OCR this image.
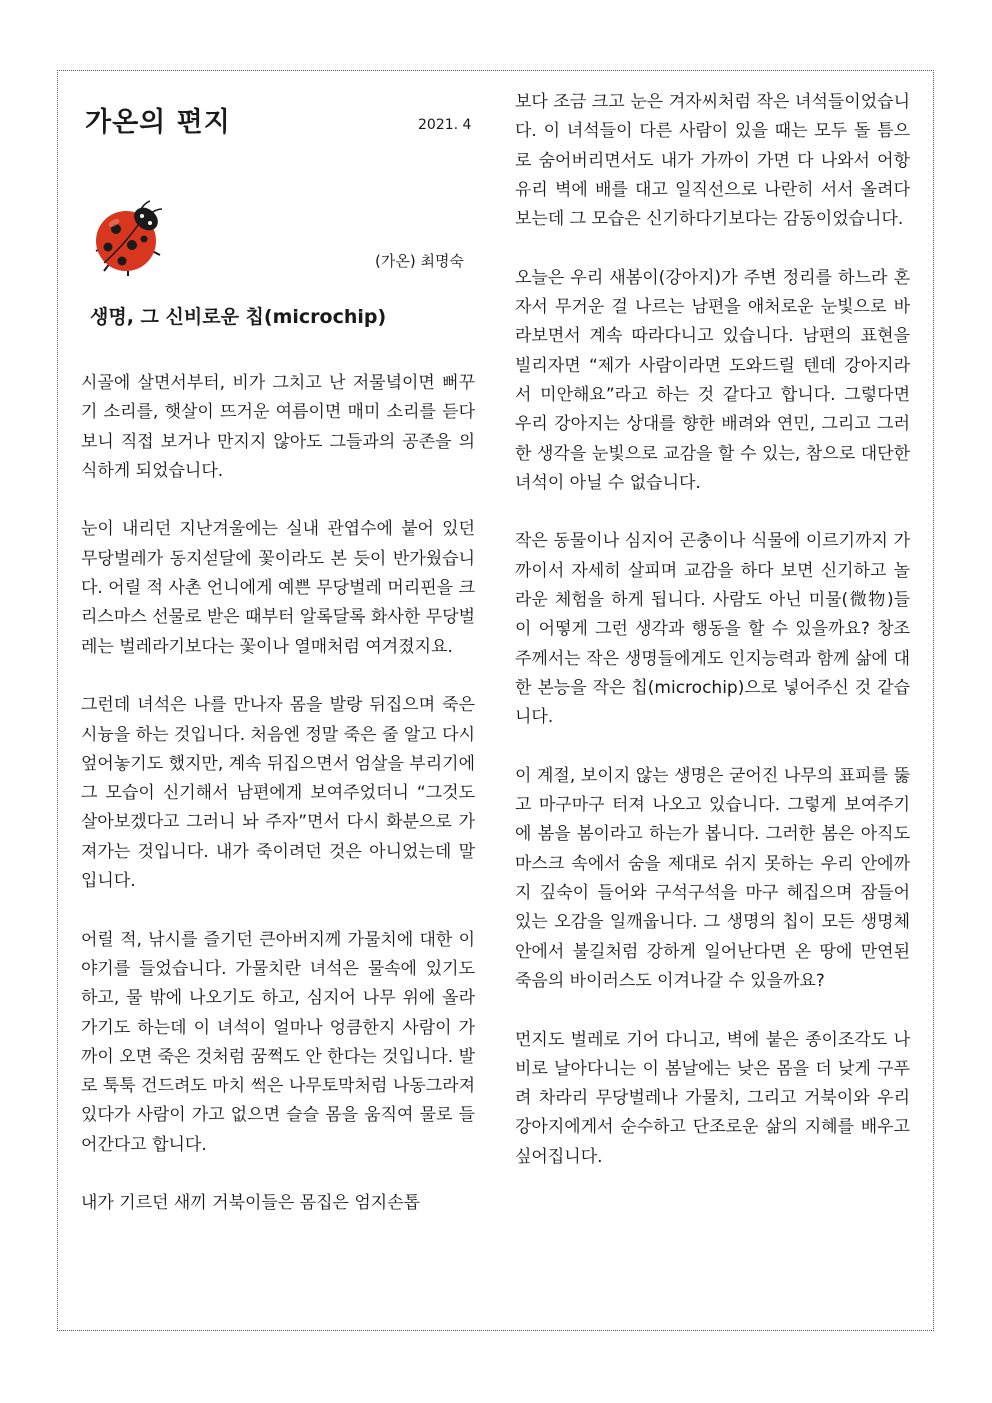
가온의 편지	2021. 4
(가온) 최명숙
생명, 그 신비로운 칩(microchip)

시골에 살면서부터, 비가 그치고 난 저물녘이면 뻐꾸기 소리를, 햇살이 뜨거운 여름이면 매미 소리를 듣다 보니 직접 보거나 만지지 않아도 그들과의 공존을 의식하게 되었습니다.

눈이 내리던 지난겨울에는 실내 관엽수에 붙어 있던 무당벌레가 동지섣달에 꽃이라도 본 듯이 반가웠습니다. 어릴 적 사촌 언니에게 예쁜 무당벌레 머리핀을 크리스마스 선물로 받은 때부터 알록달록 화사한 무당벌레는 벌레라기보다는 꽃이나 열매처럼 여겨졌지요.

그런데 녀석은 나를 만나자 몸을 발랑 뒤집으며 죽은 시늉을 하는 것입니다. 처음엔 정말 죽은 줄 알고 다시 엎어놓기도 했지만, 계속 뒤집으면서 엄살을 부리기에 그 모습이 신기해서 남편에게 보여주었더니 “그것도 살아보겠다고 그러니 놔 주자”면서 다시 화분으로 가져가는 것입니다. 내가 죽이려던 것은 아니었는데 말입니다.

어릴 적, 낚시를 즐기던 큰아버지께 가물치에 대한 이야기를 들었습니다. 가물치란 녀석은 물속에 있기도 하고, 물 밖에 나오기도 하고, 심지어 나무 위에 올라가기도 하는데 이 녀석이 얼마나 엉큼한지 사람이 가까이 오면 죽은 것처럼 꿈쩍도 안 한다는 것입니다. 발로 툭툭 건드려도 마치 썩은 나무토막처럼 나동그라져 있다가 사람이 가고 없으면 슬슬 몸을 움직여 물로 들어간다고 합니다.

내가 기르던 새끼 거북이들은 몸집은 엄지손톱

보다 조금 크고 눈은 겨자씨처럼 작은 녀석들이었습니다. 이 녀석들이 다른 사람이 있을 때는 모두 돌 틈으로 숨어버리면서도 내가 가까이 가면 다 나와서 어항 유리 벽에 배를 대고 일직선으로 나란히 서서 올려다보는데 그 모습은 신기하다기보다는 감동이었습니다.

오늘은 우리 새봄이(강아지)가 주변 정리를 하느라 혼자서 무거운 걸 나르는 남편을 애처로운 눈빛으로 바라보면서 계속 따라다니고 있습니다. 남편의 표현을 빌리자면 “제가 사람이라면 도와드릴 텐데 강아지라서 미안해요”라고 하는 것 같다고 합니다. 그렇다면 우리 강아지는 상대를 향한 배려와 연민, 그리고 그러한 생각을 눈빛으로 교감을 할 수 있는, 참으로 대단한 녀석이 아닐 수 없습니다.

작은 동물이나 심지어 곤충이나 식물에 이르기까지 가까이서 자세히 살피며 교감을 하다 보면 신기하고 놀라운 체험을 하게 됩니다. 사람도 아닌 미물(微物)들이 어떻게 그런 생각과 행동을 할 수 있을까요? 창조주께서는 작은 생명들에게도 인지능력과 함께 삶에 대한 본능을 작은 칩(microchip)으로 넣어주신 것 같습니다.

이 계절, 보이지 않는 생명은 굳어진 나무의 표피를 뚫고 마구마구 터져 나오고 있습니다. 그렇게 보여주기에 봄을 봄이라고 하는가 봅니다. 그러한 봄은 아직도 마스크 속에서 숨을 제대로 쉬지 못하는 우리 안에까지 깊숙이 들어와 구석구석을 마구 헤집으며 잠들어 있는 오감을 일깨웁니다. 그 생명의 칩이 모든 생명체 안에서 불길처럼 강하게 일어난다면 온 땅에 만연된 죽음의 바이러스도 이겨나갈 수 있을까요?

먼지도 벌레로 기어 다니고, 벽에 붙은 종이조각도 나비로 날아다니는 이 봄날에는 낮은 몸을 더 낮게 구푸려 차라리 무당벌레나 가물치, 그리고 거북이와 우리 강아지에게서 순수하고 단조로운 삶의 지혜를 배우고 싶어집니다.
